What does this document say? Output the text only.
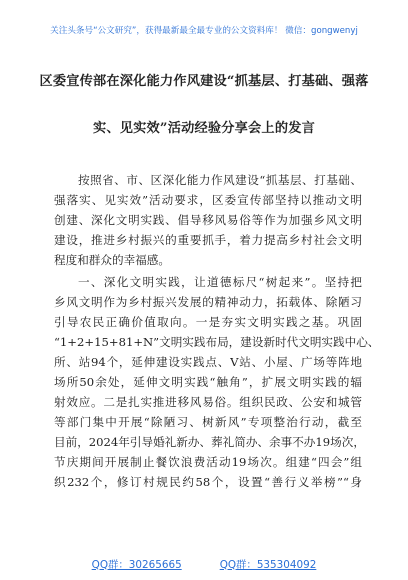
关注头条号“公文研究”，获得最新最全最专业的公文资料库！ 微信：gongwenyj
区委宣传部在深化能力作风建设“抓基层、打基础、强落
实、见实效”活动经验分享会上的发言
按照省、市、区深化能力作风建设“抓基层、打基础、
强落实、见实效”活动要求，区委宣传部坚持以推动文明
创建、深化文明实践、倡导移风易俗等作为加强乡风文明
建设，推进乡村振兴的重要抓手，着力提高乡村社会文明
程度和群众的幸福感。
一、深化文明实践，让道德标尺“树起来”。坚持把
乡风文明作为乡村振兴发展的精神动力，拓载体、除陋习
引导农民正确价值取向。一是夯实文明实践之基。巩固
“1+2+15+81+N”文明实践布局，建设新时代文明实践中心、
所、站94个，延伸建设实践点、V站、小屋、广场等阵地
场所50余处，延伸文明实践“触角”，扩展文明实践的辐
射效应。二是扎实推进移风易俗。组织民政、公安和城管
等部门集中开展“除陋习、树新风”专项整治行动，截至
目前，2024年引导婚礼新办、葬礼简办、余事不办19场次，
节庆期间开展制止餐饮浪费活动19场次。组建“四会”组
织232个，修订村规民约58个，设置“善行义举榜”“身
QQ群：30265665	QQ群：535304092
